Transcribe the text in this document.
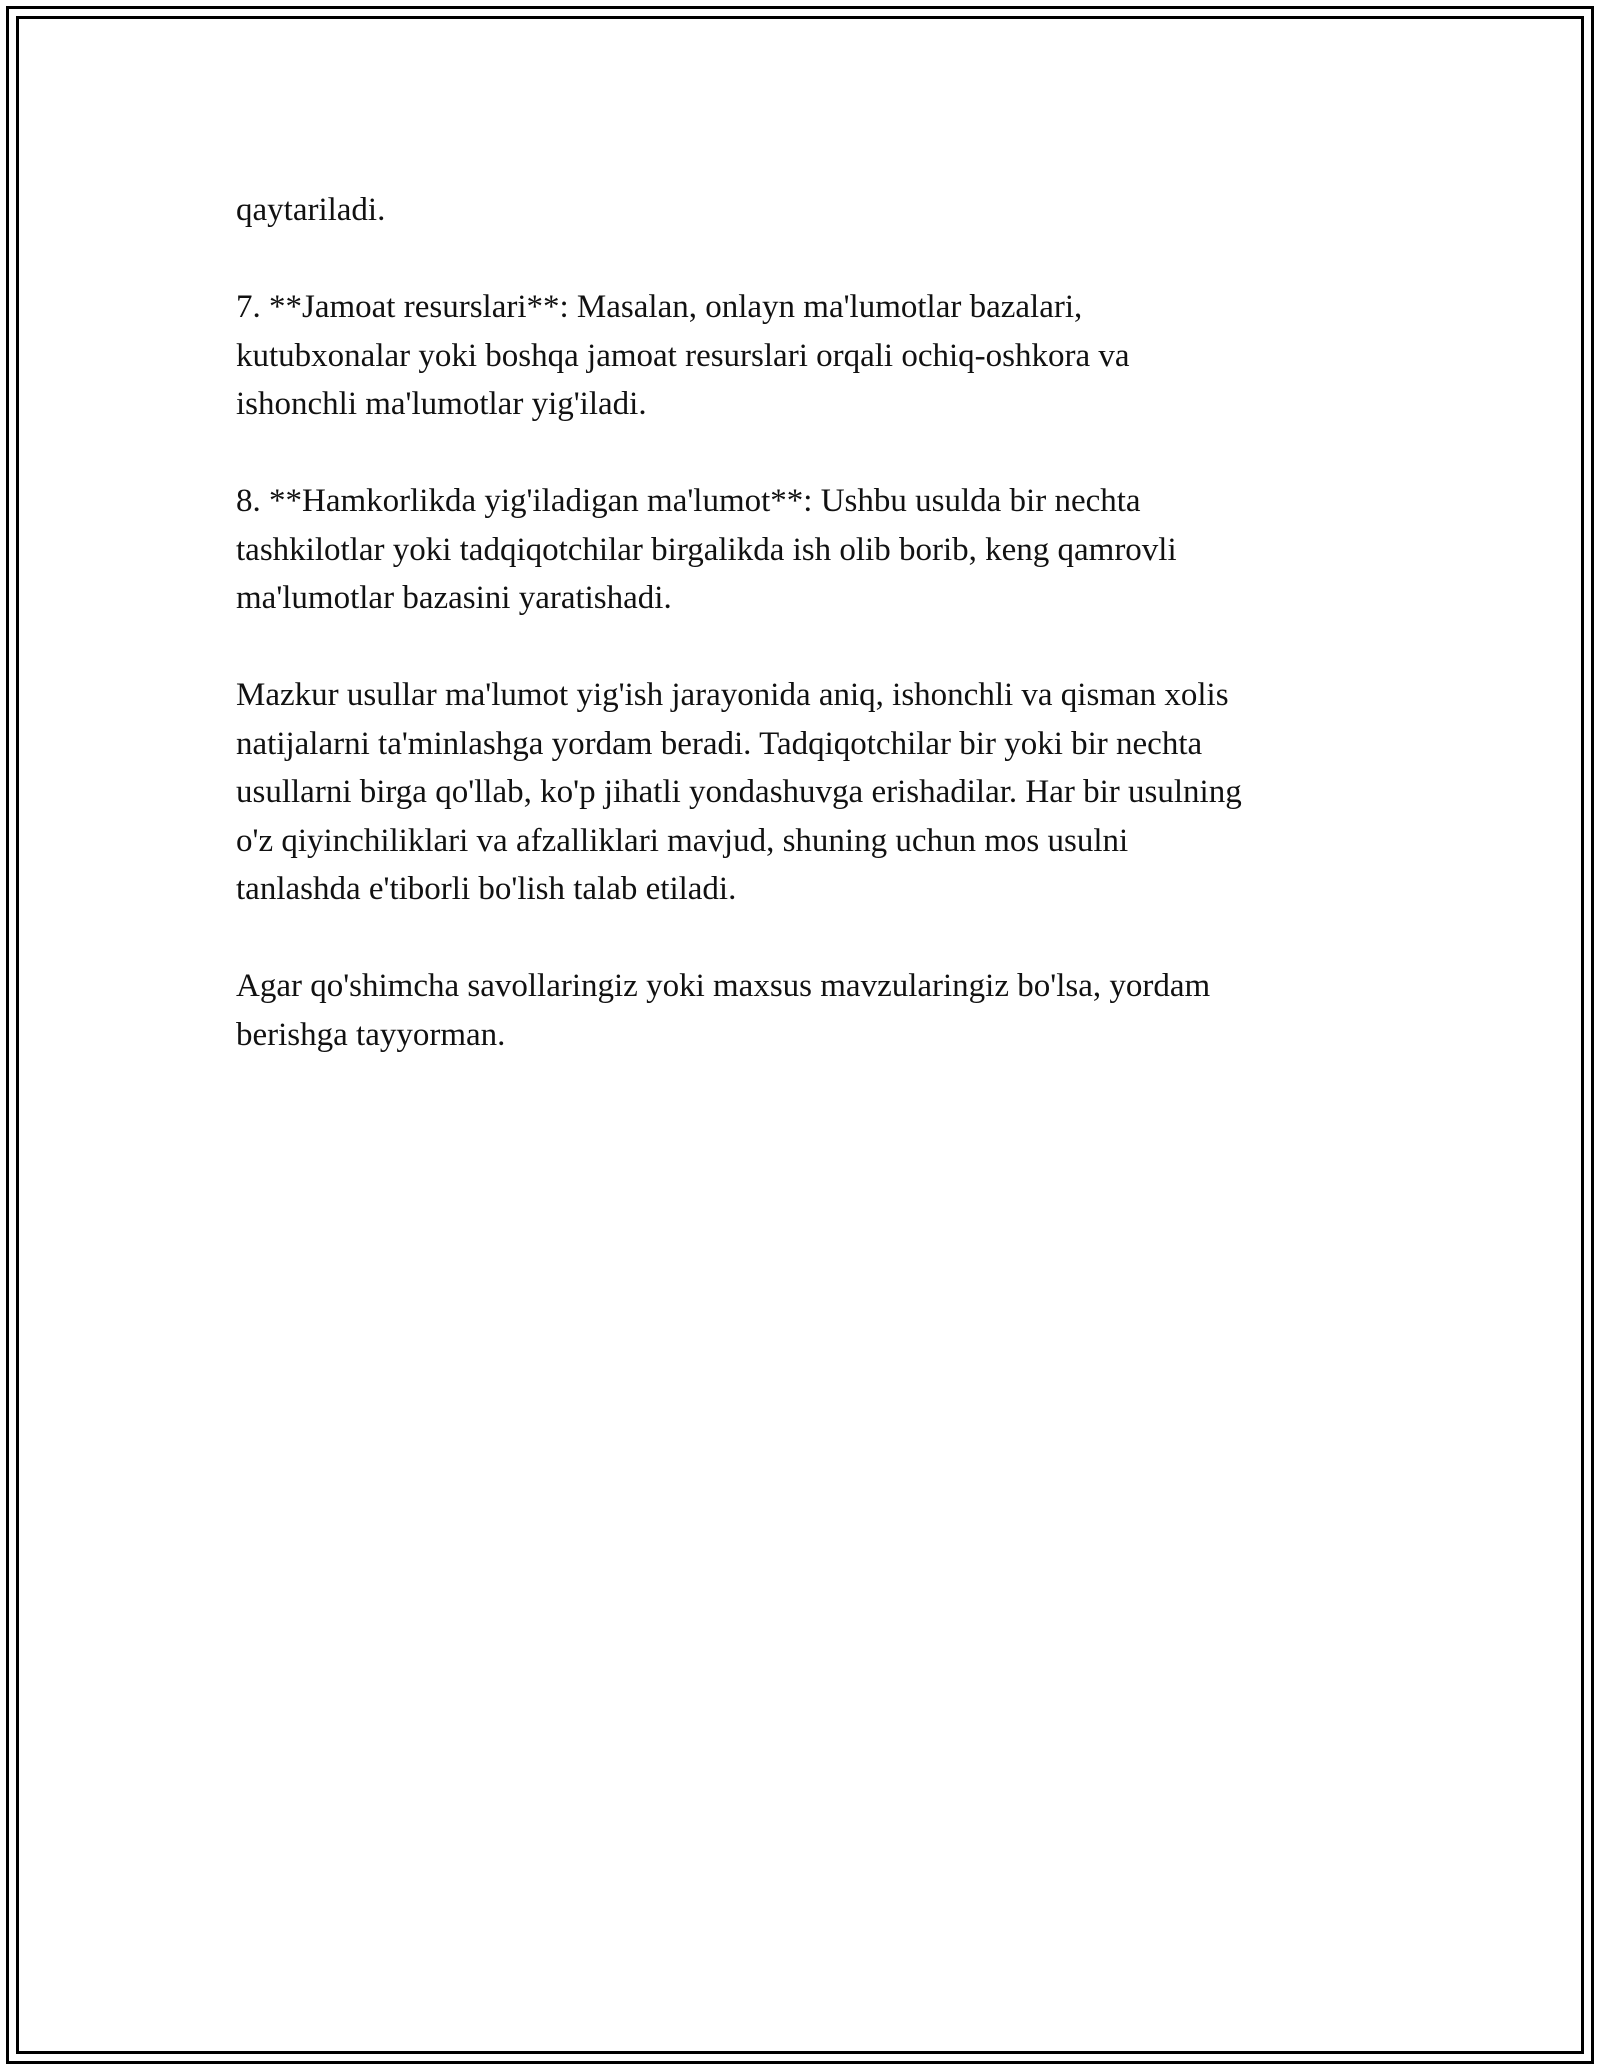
qaytariladi.

7. **Jamoat resurslari**: Masalan, onlayn ma'lumotlar bazalari,
kutubxonalar yoki boshqa jamoat resurslari orqali ochiq-oshkora va
ishonchli ma'lumotlar yig'iladi.

8. **Hamkorlikda yig'iladigan ma'lumot**: Ushbu usulda bir nechta
tashkilotlar yoki tadqiqotchilar birgalikda ish olib borib, keng qamrovli
ma'lumotlar bazasini yaratishadi.

Mazkur usullar ma'lumot yig'ish jarayonida aniq, ishonchli va qisman xolis
natijalarni ta'minlashga yordam beradi. Tadqiqotchilar bir yoki bir nechta
usullarni birga qo'llab, ko'p jihatli yondashuvga erishadilar. Har bir usulning
o'z qiyinchiliklari va afzalliklari mavjud, shuning uchun mos usulni
tanlashda e'tiborli bo'lish talab etiladi.

Agar qo'shimcha savollaringiz yoki maxsus mavzularingiz bo'lsa, yordam
berishga tayyorman.
